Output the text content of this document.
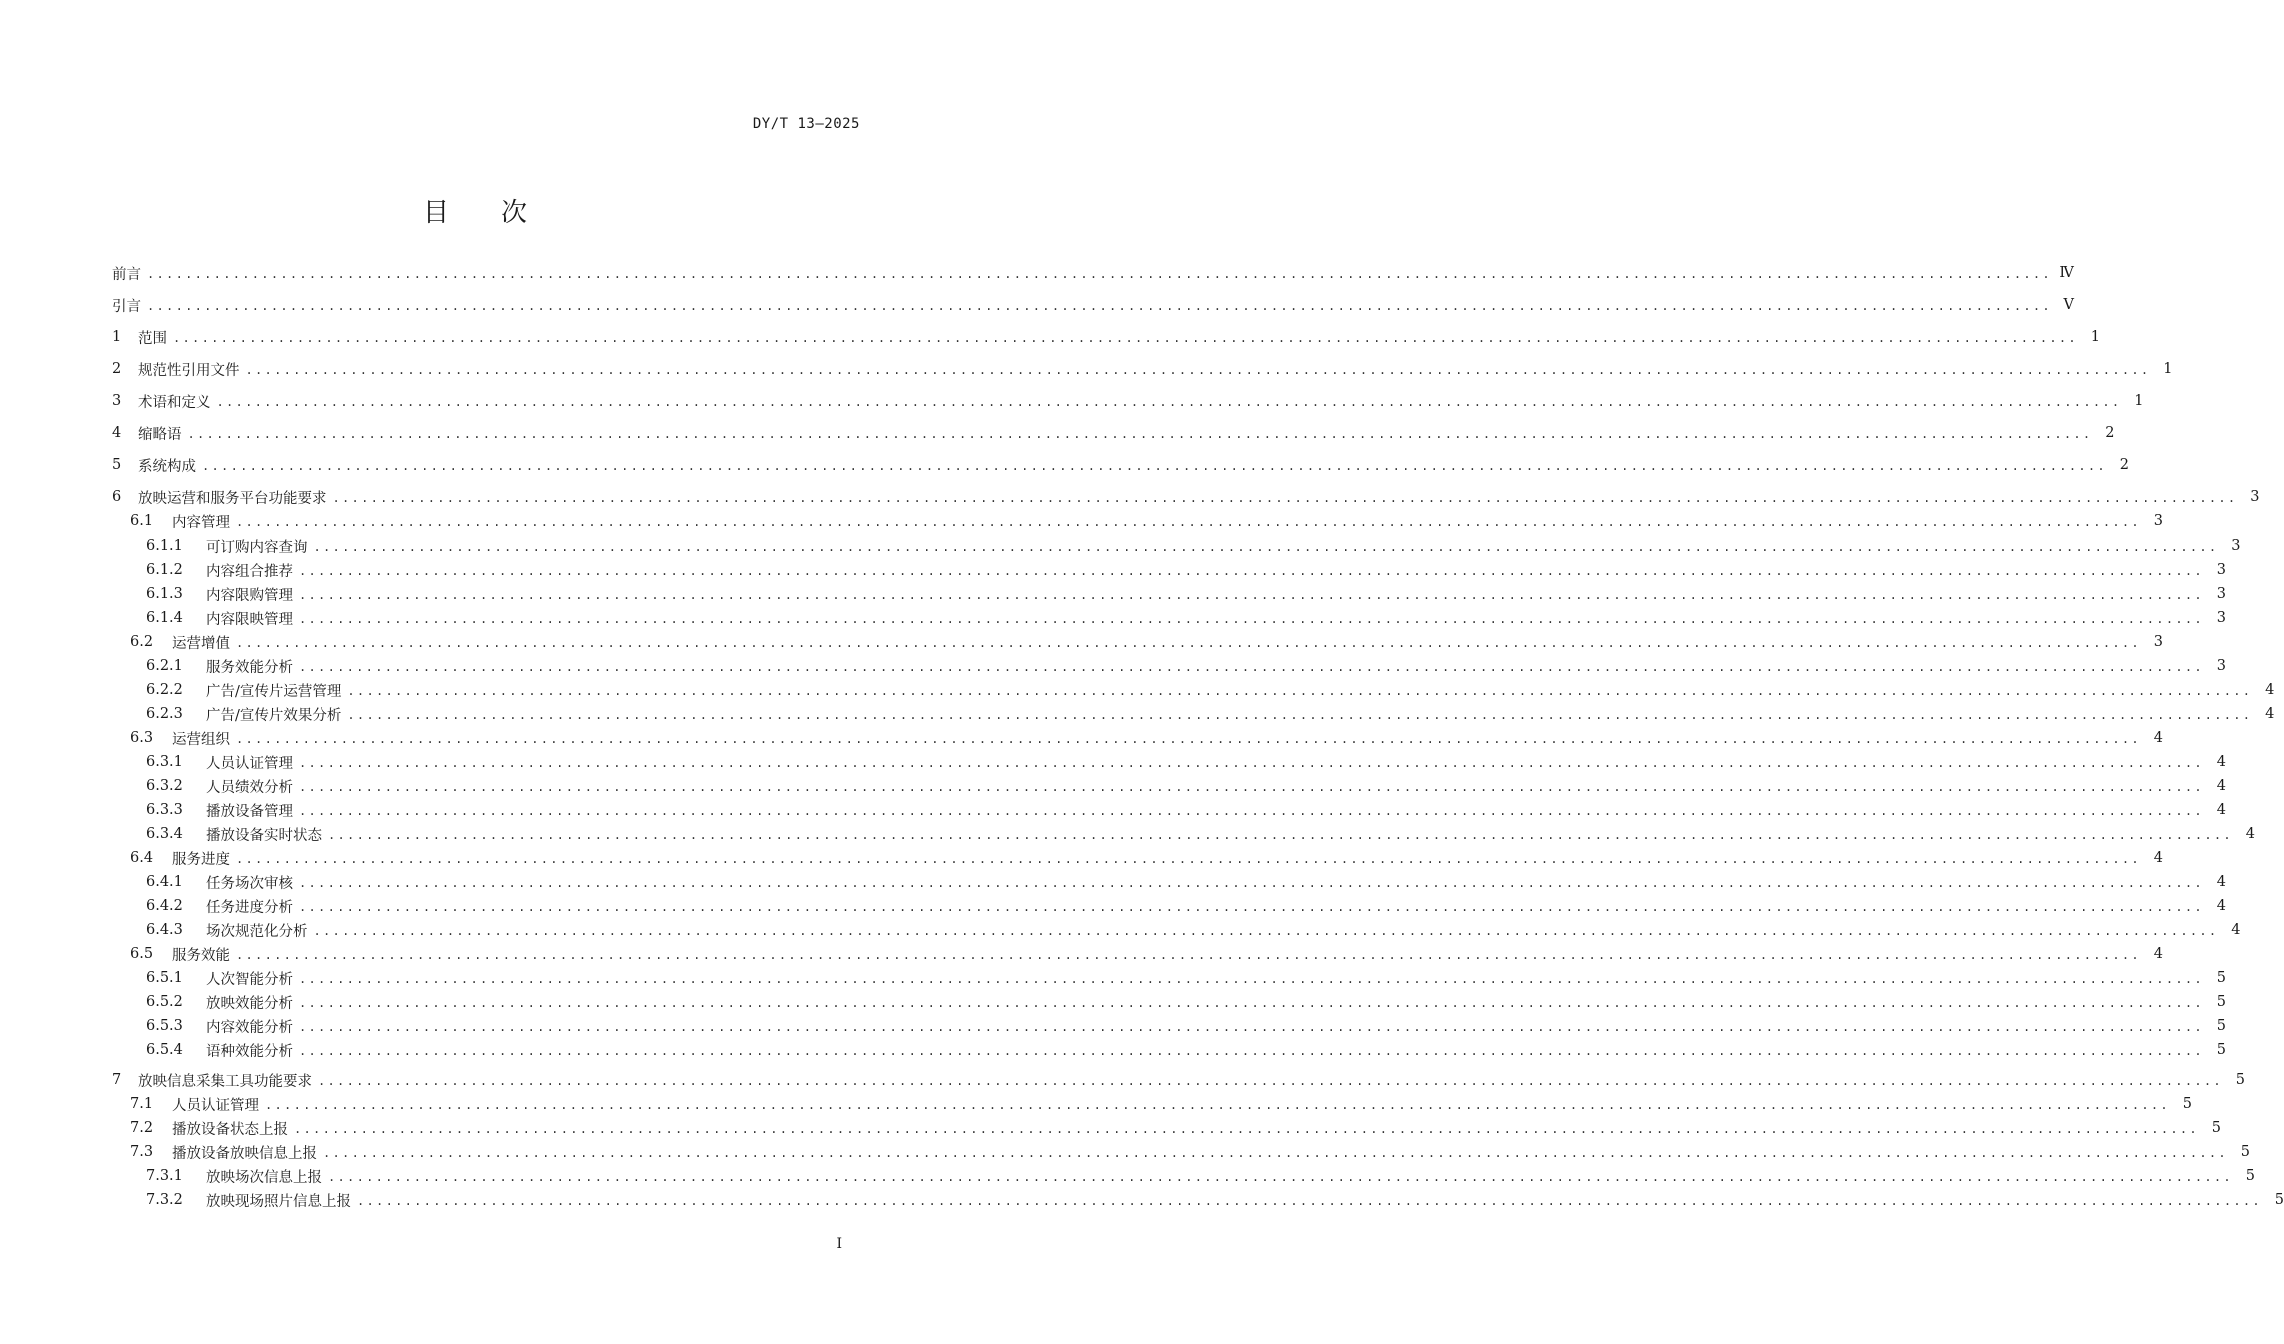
DY/T 13—2025
目 次
前言 ........................................................................................................................................................................................................ Ⅳ
引言 ........................................................................................................................................................................................................ Ⅴ
1	范围 ........................................................................................................................................................................................................ 1
2	规范性引用文件 ........................................................................................................................................................................................................ 1
3	术语和定义 ........................................................................................................................................................................................................ 1
4	缩略语 ........................................................................................................................................................................................................ 2
5	系统构成 ........................................................................................................................................................................................................ 2
6	放映运营和服务平台功能要求 ........................................................................................................................................................................................................ 3
6.1	内容管理 ........................................................................................................................................................................................................ 3
6.1.1	可订购内容查询 ........................................................................................................................................................................................................ 3
6.1.2	内容组合推荐 ........................................................................................................................................................................................................ 3
6.1.3	内容限购管理 ........................................................................................................................................................................................................ 3
6.1.4	内容限映管理 ........................................................................................................................................................................................................ 3
6.2	运营增值 ........................................................................................................................................................................................................ 3
6.2.1	服务效能分析 ........................................................................................................................................................................................................ 3
6.2.2	广告/宣传片运营管理 ........................................................................................................................................................................................................ 4
6.2.3	广告/宣传片效果分析 ........................................................................................................................................................................................................ 4
6.3	运营组织 ........................................................................................................................................................................................................ 4
6.3.1	人员认证管理 ........................................................................................................................................................................................................ 4
6.3.2	人员绩效分析 ........................................................................................................................................................................................................ 4
6.3.3	播放设备管理 ........................................................................................................................................................................................................ 4
6.3.4	播放设备实时状态 ........................................................................................................................................................................................................ 4
6.4	服务进度 ........................................................................................................................................................................................................ 4
6.4.1	任务场次审核 ........................................................................................................................................................................................................ 4
6.4.2	任务进度分析 ........................................................................................................................................................................................................ 4
6.4.3	场次规范化分析 ........................................................................................................................................................................................................ 4
6.5	服务效能 ........................................................................................................................................................................................................ 4
6.5.1	人次智能分析 ........................................................................................................................................................................................................ 5
6.5.2	放映效能分析 ........................................................................................................................................................................................................ 5
6.5.3	内容效能分析 ........................................................................................................................................................................................................ 5
6.5.4	语种效能分析 ........................................................................................................................................................................................................ 5
7	放映信息采集工具功能要求 ........................................................................................................................................................................................................ 5
7.1	人员认证管理 ........................................................................................................................................................................................................ 5
7.2	播放设备状态上报 ........................................................................................................................................................................................................ 5
7.3	播放设备放映信息上报 ........................................................................................................................................................................................................ 5
7.3.1	放映场次信息上报 ........................................................................................................................................................................................................ 5
7.3.2	放映现场照片信息上报 ........................................................................................................................................................................................................ 5
I
